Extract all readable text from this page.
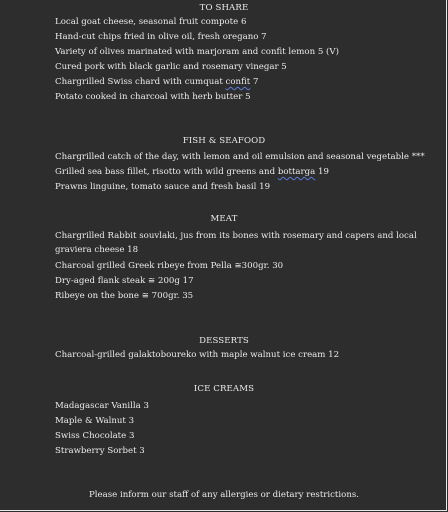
TO SHARE
Local goat cheese, seasonal fruit compote 6
Hand-cut chips fried in olive oil, fresh oregano 7
Variety of olives marinated with marjoram and confit lemon 5 (V)
Cured pork with black garlic and rosemary vinegar 5
Chargrilled Swiss chard with cumquat confit 7
Potato cooked in charcoal with herb butter 5
FISH & SEAFOOD
Chargrilled catch of the day, with lemon and oil emulsion and seasonal vegetable ***
Grilled sea bass fillet, risotto with wild greens and bottarga 19
Prawns linguine, tomato sauce and fresh basil 19
MEAT
Chargrilled Rabbit souvlaki, jus from its bones with rosemary and capers and local
graviera cheese 18
Charcoal grilled Greek ribeye from Pella ≅300gr. 30
Dry-aged flank steak ≅ 200g 17
Ribeye on the bone ≅ 700gr. 35
DESSERTS
Charcoal-grilled galaktoboureko with maple walnut ice cream 12
ICE CREAMS
Madagascar Vanilla 3
Maple & Walnut 3
Swiss Chocolate 3
Strawberry Sorbet 3
Please inform our staff of any allergies or dietary restrictions.
